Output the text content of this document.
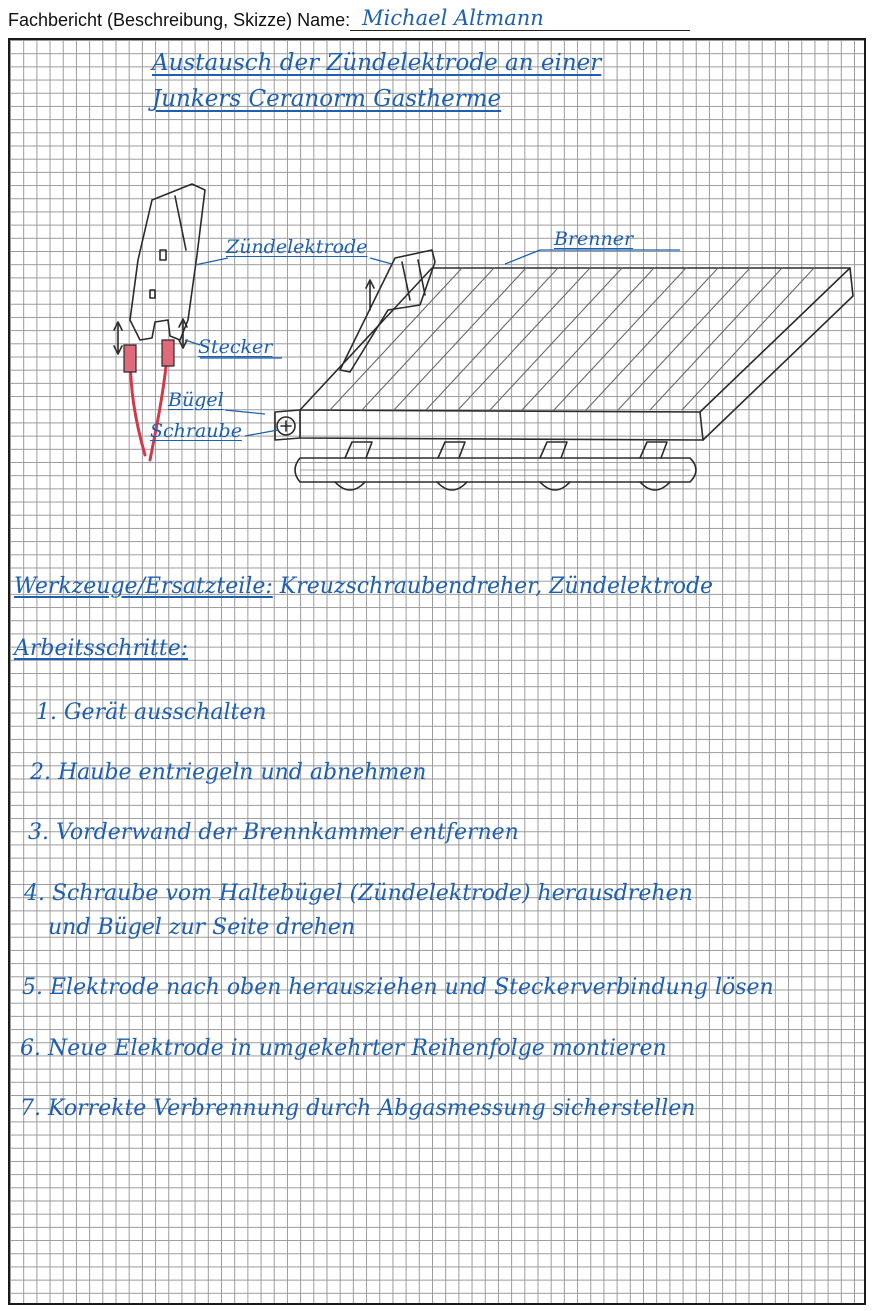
Fachbericht (Beschreibung, Skizze) Name: Michael Altmann
Austausch der Zündelektrode an einer
Junkers Ceranorm Gastherme
Zündelektrode	Brenner
Stecker
Bügel
Schraube
Werkzeuge/Ersatzteile: Kreuzschraubendreher, Zündelektrode
Arbeitsschritte:
1. Gerät ausschalten
2. Haube entriegeln und abnehmen
3. Vorderwand der Brennkammer entfernen
4. Schraube vom Haltebügel (Zündelektrode) herausdrehen
und Bügel zur Seite drehen
5. Elektrode nach oben herausziehen und Steckerverbindung lösen
6. Neue Elektrode in umgekehrter Reihenfolge montieren
7. Korrekte Verbrennung durch Abgasmessung sicherstellen
